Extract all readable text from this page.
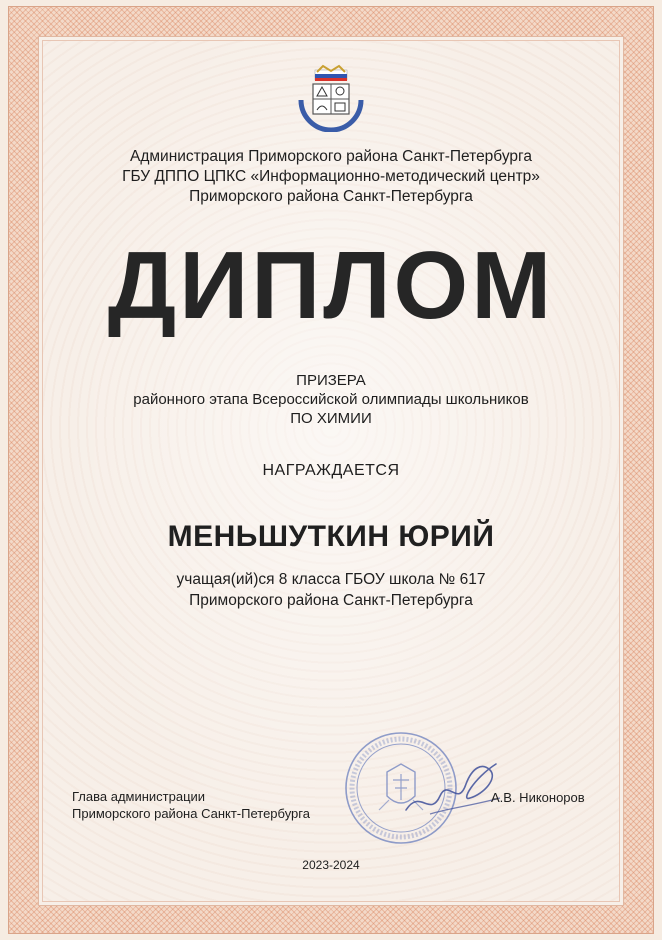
Администрация Приморского района Санкт-Петербурга
ГБУ ДППО ЦПКС «Информационно-методический центр»
Приморского района Санкт-Петербурга
ДИПЛОМ
ПРИЗЕРА
районного этапа Всероссийской олимпиады школьников
ПО ХИМИИ
НАГРАЖДАЕТСЯ
МЕНЬШУТКИН ЮРИЙ
учащая(ий)ся 8 класса ГБОУ школа № 617
Приморского района Санкт-Петербурга
Глава администрации
Приморского района Санкт-Петербурга
А.В. Никоноров
2023-2024
